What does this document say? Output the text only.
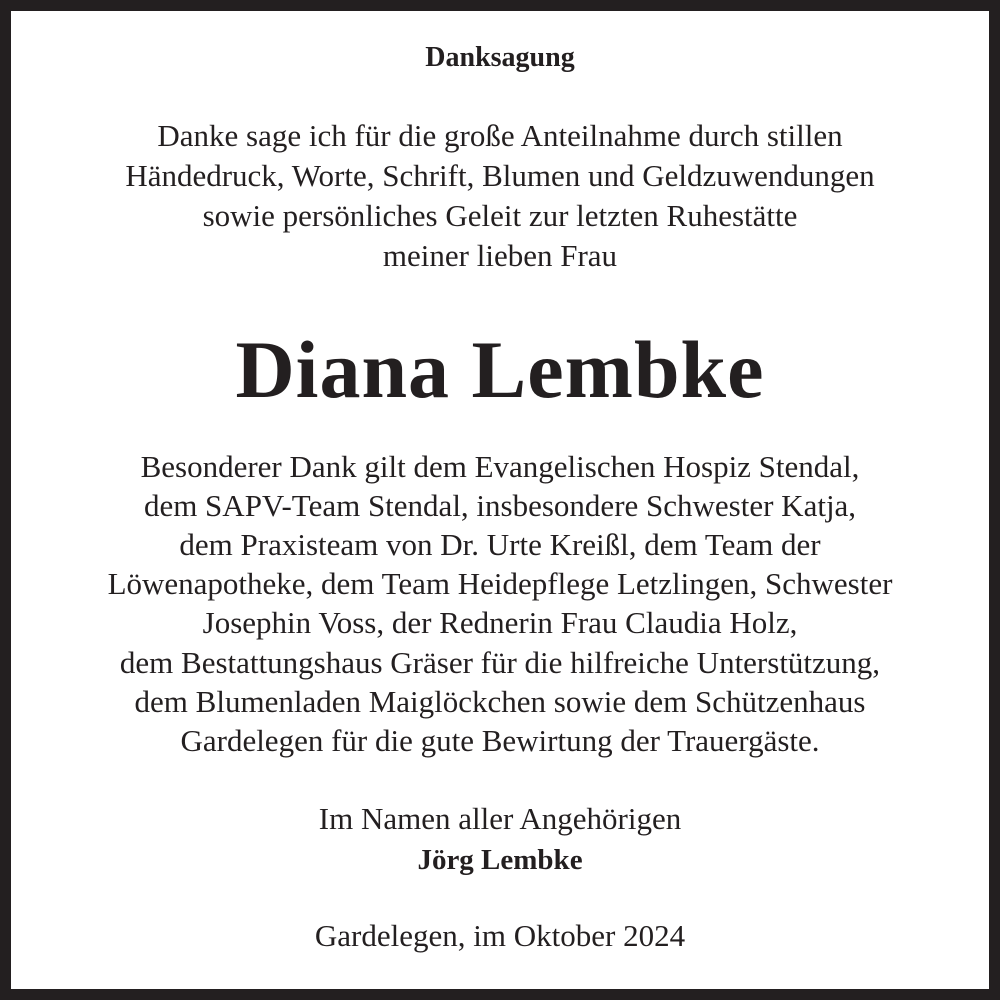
Danksagung

Danke sage ich für die große Anteilnahme durch stillen

Händedruck, Worte, Schrift, Blumen und Geldzuwendungen

sowie persönliches Geleit zur letzten Ruhestätte

meiner lieben Frau

Diana Lembke

Besonderer Dank gilt dem Evangelischen Hospiz Stendal,

dem SAPV-Team Stendal, insbesondere Schwester Katja,

dem Praxisteam von Dr. Urte Kreißl, dem Team der

Löwenapotheke, dem Team Heidepflege Letzlingen, Schwester

Josephin Voss, der Rednerin Frau Claudia Holz,

dem Bestattungshaus Gräser für die hilfreiche Unterstützung,

dem Blumenladen Maiglöckchen sowie dem Schützenhaus

Gardelegen für die gute Bewirtung der Trauergäste.

Im Namen aller Angehörigen

Jörg Lembke

Gardelegen, im Oktober 2024
